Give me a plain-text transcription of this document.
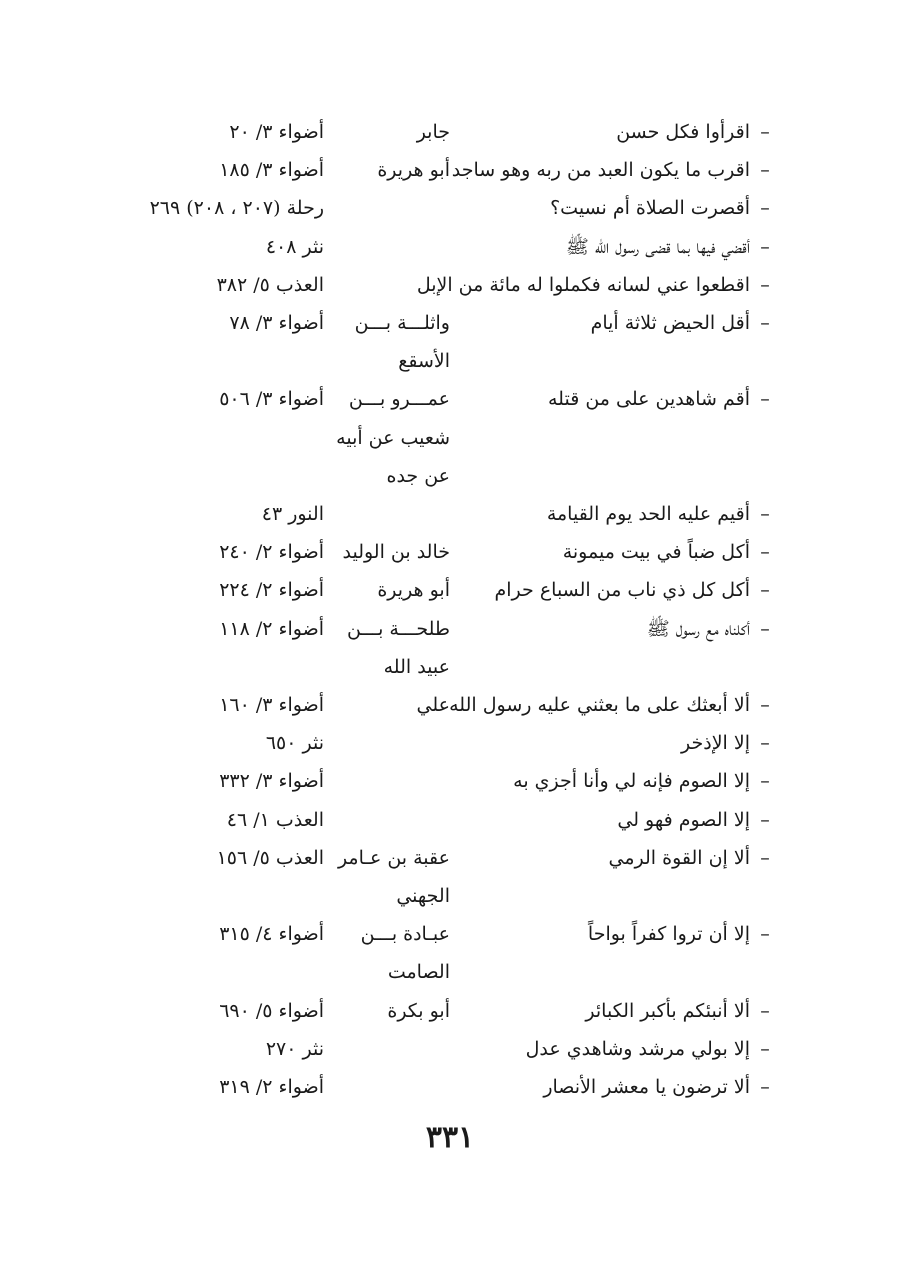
–
اقرأوا فكل حسن
جابر
أضواء ٣/ ٢٠
–
اقرب ما يكون العبد من ربه وهو ساجد
أبو هريرة
أضواء ٣/ ١٨٥
–
أقصرت الصلاة أم نسيت؟
رحلة (٢٠٧ ، ٢٠٨) ٢٦٩
–
أقضي فيها بما قضى رسول الله ﷺ
نثر ٤٠٨
–
اقطعوا عني لسانه فكملوا له مائة من الإبل
العذب ٥/ ٣٨٢
–
أقل الحيض ثلاثة أيام
واثلـــة بـــن
الأسقع
أضواء ٣/ ٧٨
–
أقم شاهدين على من قتله
عمـــرو بـــن
شعيب عن أبيه
عن جده
أضواء ٣/ ٥٠٦
–
أقيم عليه الحد يوم القيامة
النور ٤٣
–
أكل ضباً في بيت ميمونة
خالد بن الوليد
أضواء ٢/ ٢٤٠
–
أكل كل ذي ناب من السباع حرام
أبو هريرة
أضواء ٢/ ٢٢٤
–
أكلناه مع رسول ﷺ
طلحـــة بـــن
عبيد الله
أضواء ٢/ ١١٨
–
ألا أبعثك على ما بعثني عليه رسول الله
علي
أضواء ٣/ ١٦٠
–
إلا الإذخر
نثر ٦٥٠
–
إلا الصوم فإنه لي وأنا أجزي به
أضواء ٣/ ٣٣٢
–
إلا الصوم فهو لي
العذب ١/ ٤٦
–
ألا إن القوة الرمي
عقبة بن عـامر
الجهني
العذب ٥/ ١٥٦
–
إلا أن تروا كفراً بواحاً
عبـادة بـــن
الصامت
أضواء ٤/ ٣١٥
–
ألا أنبئكم بأكبر الكبائر
أبو بكرة
أضواء ٥/ ٦٩٠
–
إلا بولي مرشد وشاهدي عدل
نثر ٢٧٠
–
ألا ترضون يا معشر الأنصار
أضواء ٢/ ٣١٩
٣٣١
